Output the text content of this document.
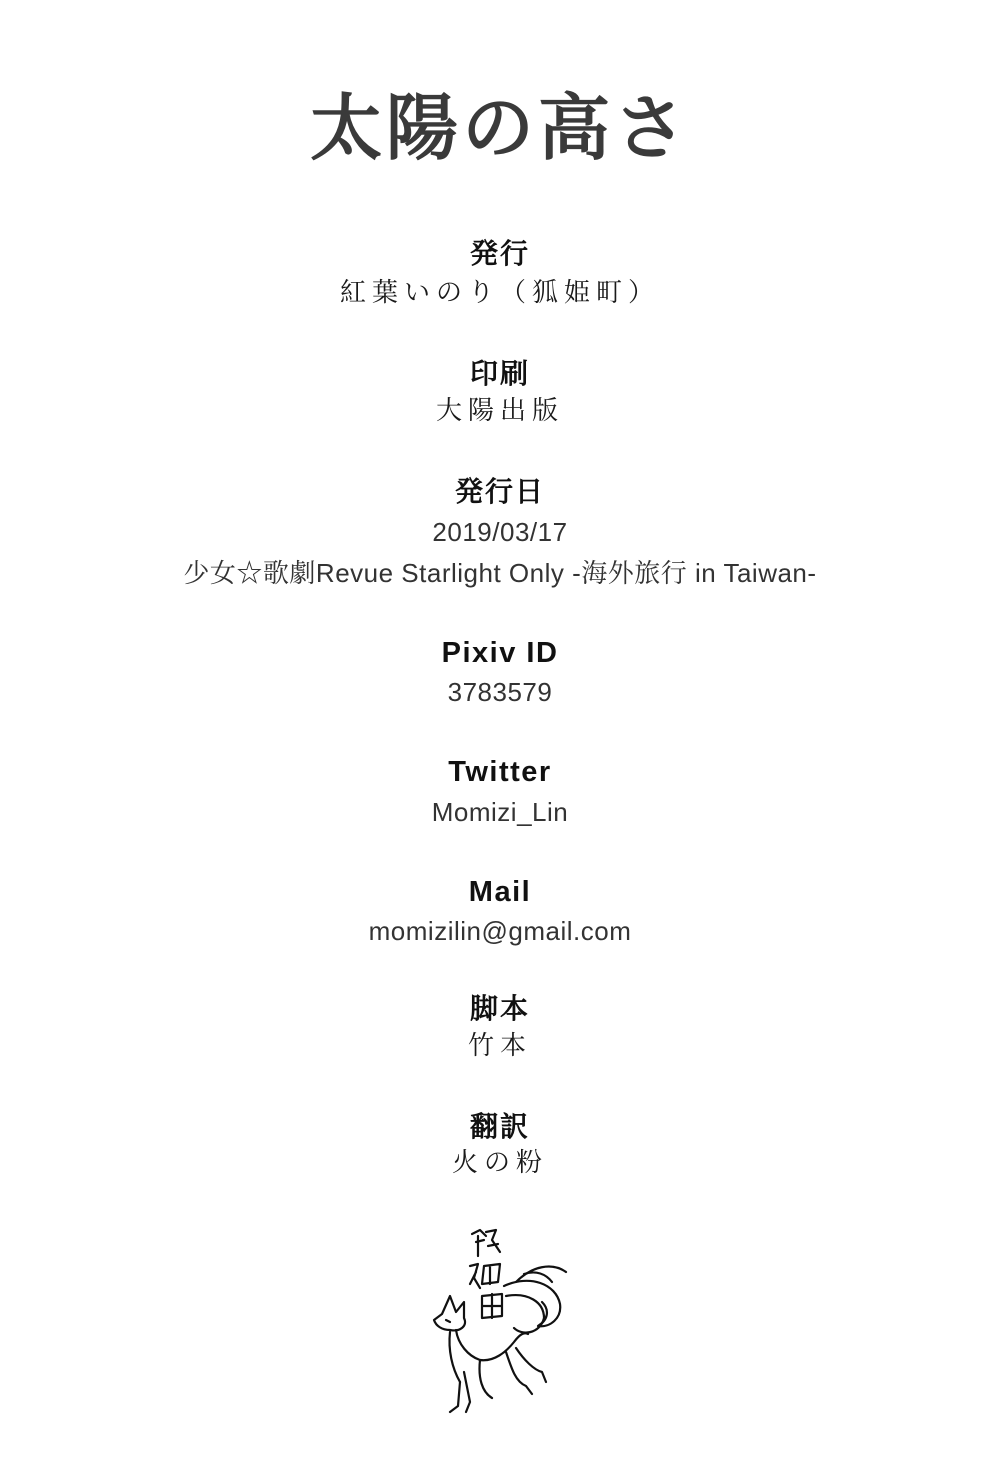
太陽の高さ
発行
紅葉いのり（狐姫町）
印刷
大陽出版
発行日
2019/03/17
少女☆歌劇Revue Starlight Only -海外旅行 in Taiwan-
Pixiv ID
3783579
Twitter
Momizi_Lin
Mail
momizilin@gmail.com
脚本
竹本
翻訳
火の粉
